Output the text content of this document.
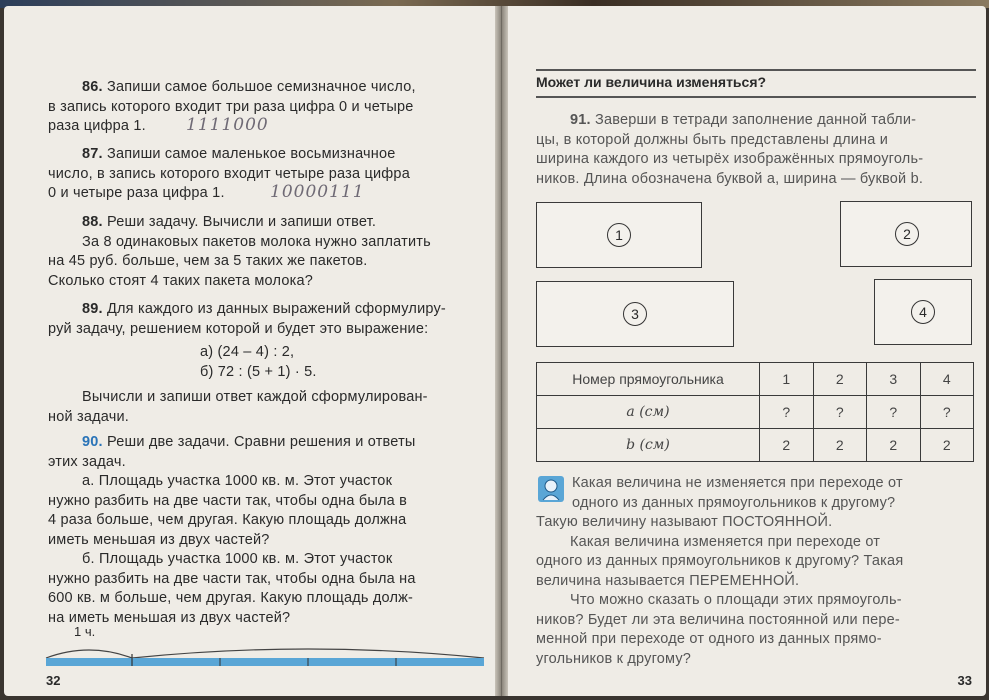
86. Запиши самое большое семизначное число,
в запись которого входит три раза цифра 0 и четыре
раза цифра 1.	1111000
87. Запиши самое маленькое восьмизначное
число, в запись которого входит четыре раза цифра
0 и четыре раза цифра 1.	10000111
88. Реши задачу. Вычисли и запиши ответ.
За 8 одинаковых пакетов молока нужно заплатить
на 45 руб. больше, чем за 5 таких же пакетов.
Сколько стоят 4 таких пакета молока?
89. Для каждого из данных выражений сформулиру-
руй задачу, решением которой и будет это выражение:
а) (24 – 4) : 2,
б) 72 : (5 + 1) · 5.
Вычисли и запиши ответ каждой сформулирован-
ной задачи.
90. Реши две задачи. Сравни решения и ответы
этих задач.
а. Площадь участка 1000 кв. м. Этот участок
нужно разбить на две части так, чтобы одна была в
4 раза больше, чем другая. Какую площадь должна
иметь меньшая из двух частей?
б. Площадь участка 1000 кв. м. Этот участок
нужно разбить на две части так, чтобы одна была на
600 кв. м больше, чем другая. Какую площадь долж-
на иметь меньшая из двух частей?
1 ч.
32
Может ли величина изменяться?
91. Заверши в тетради заполнение данной табли-
цы, в которой должны быть представлены длина и
ширина каждого из четырёх изображённых прямоуголь-
ников. Длина обозначена буквой a, ширина — буквой b.
1	2
3	4
Номер прямоугольника	1	2	3	4
a (см)	?	?	?	?
b (см)	2	2	2	2
Какая величина не изменяется при переходе от
одного из данных прямоугольников к другому?
Такую величину называют ПОСТОЯННОЙ.
Какая величина изменяется при переходе от
одного из данных прямоугольников к другому? Такая
величина называется ПЕРЕМЕННОЙ.
Что можно сказать о площади этих прямоуголь-
ников? Будет ли эта величина постоянной или пере-
менной при переходе от одного из данных прямо-
угольников к другому?
33
